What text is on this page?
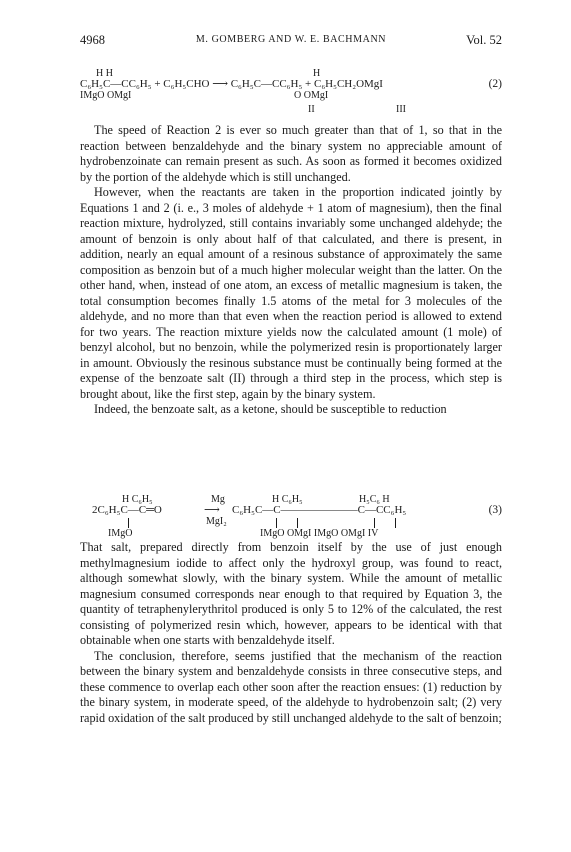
4968	M. GOMBERG AND W. E. BACHMANN	Vol. 52
H H	H
C₆H₅C—CC₆H₅ + C₆H₅CHO ⟶ C₆H₅C—CC₆H₅ + C₆H₅CH₂OMgI	(2)
IMgO OMgI	O OMgI
II	III

The speed of Reaction 2 is ever so much greater than that of 1, so that in the reaction between benzaldehyde and the binary system no appreciable amount of hydrobenzoinate can remain present as such. As soon as formed it becomes oxidized by the portion of the aldehyde which is still unchanged.

However, when the reactants are taken in the proportion indicated jointly by Equations 1 and 2 (i. e., 3 moles of aldehyde + 1 atom of magnesium), then the final reaction mixture, hydrolyzed, still contains invariably some unchanged aldehyde; the amount of benzoin is only about half of that calculated, and there is present, in addition, nearly an equal amount of a resinous substance of approximately the same composition as benzoin but of a much higher molecular weight than the latter. On the other hand, when, instead of one atom, an excess of metallic magnesium is taken, the total consumption becomes finally 1.5 atoms of the metal for 3 molecules of the aldehyde, and no more than that even when the reaction period is allowed to extend for two years. The reaction mixture yields now the calculated amount (1 mole) of benzyl alcohol, but no benzoin, while the polymerized resin is proportionately larger in amount. Obviously the resinous substance must be continually being formed at the expense of the benzoate salt (II) through a third step in the process, which step is brought about, like the first step, again by the binary system.

Indeed, the benzoate salt, as a ketone, should be susceptible to reduction

H C₆H₅	Mg	H C₆H₅	H₅C₆ H
2C₆H₅C—C═O	⟶ C₆H₅C—C———————C—CC₆H₅	(3)
MgI₂
IMgO	IMgO OMgI IMgO OMgI IV

That salt, prepared directly from benzoin itself by the use of just enough methylmagnesium iodide to affect only the hydroxyl group, was found to react, although somewhat slowly, with the binary system. While the amount of metallic magnesium consumed corresponds near enough to that required by Equation 3, the quantity of tetraphenylerythritol produced is only 5 to 12% of the calculated, the rest consisting of polymerized resin which, however, appears to be identical with that obtainable when one starts with benzaldehyde itself.

The conclusion, therefore, seems justified that the mechanism of the reaction between the binary system and benzaldehyde consists in three consecutive steps, and these commence to overlap each other soon after the reaction ensues: (1) reduction by the binary system, in moderate speed, of the aldehyde to hydrobenzoin salt; (2) very rapid oxidation of the salt produced by still unchanged aldehyde to the salt of benzoin;
